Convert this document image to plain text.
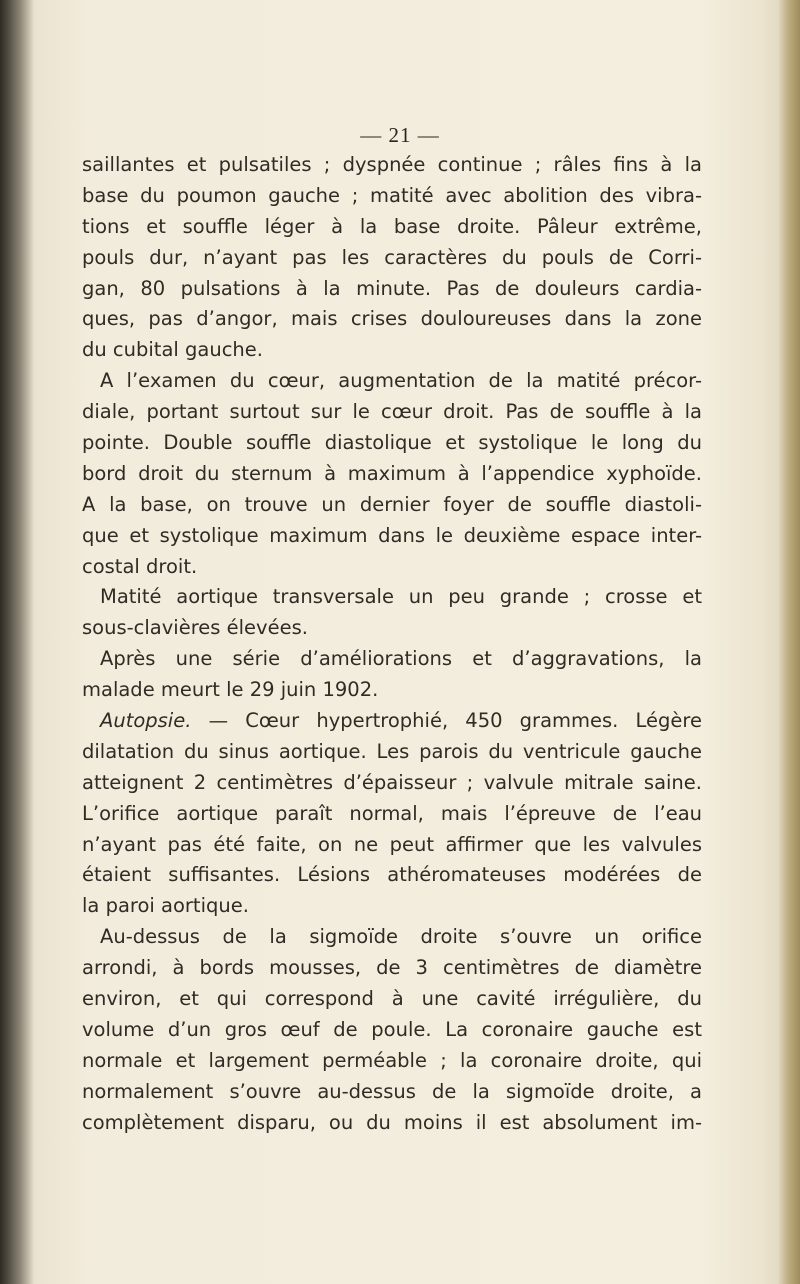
— 21 —
saillantes et pulsatiles ; dyspnée continue ; râles fins à la
base du poumon gauche ; matité avec abolition des vibra-
tions et souffle léger à la base droite. Pâleur extrême,
pouls dur, n’ayant pas les caractères du pouls de Corri-
gan, 80 pulsations à la minute. Pas de douleurs cardia-
ques, pas d’angor, mais crises douloureuses dans la zone
du cubital gauche.
A l’examen du cœur, augmentation de la matité précor-
diale, portant surtout sur le cœur droit. Pas de souffle à la
pointe. Double souffle diastolique et systolique le long du
bord droit du sternum à maximum à l’appendice xyphoïde.
A la base, on trouve un dernier foyer de souffle diastoli-
que et systolique maximum dans le deuxième espace inter-
costal droit.
Matité aortique transversale un peu grande ; crosse et
sous-clavières élevées.
Après une série d’améliorations et d’aggravations, la
malade meurt le 29 juin 1902.
Autopsie. — Cœur hypertrophié, 450 grammes. Légère
dilatation du sinus aortique. Les parois du ventricule gauche
atteignent 2 centimètres d’épaisseur ; valvule mitrale saine.
L’orifice aortique paraît normal, mais l’épreuve de l’eau
n’ayant pas été faite, on ne peut affirmer que les valvules
étaient suffisantes. Lésions athéromateuses modérées de
la paroi aortique.
Au-dessus de la sigmoïde droite s’ouvre un orifice
arrondi, à bords mousses, de 3 centimètres de diamètre
environ, et qui correspond à une cavité irrégulière, du
volume d’un gros œuf de poule. La coronaire gauche est
normale et largement perméable ; la coronaire droite, qui
normalement s’ouvre au-dessus de la sigmoïde droite, a
complètement disparu, ou du moins il est absolument im-
